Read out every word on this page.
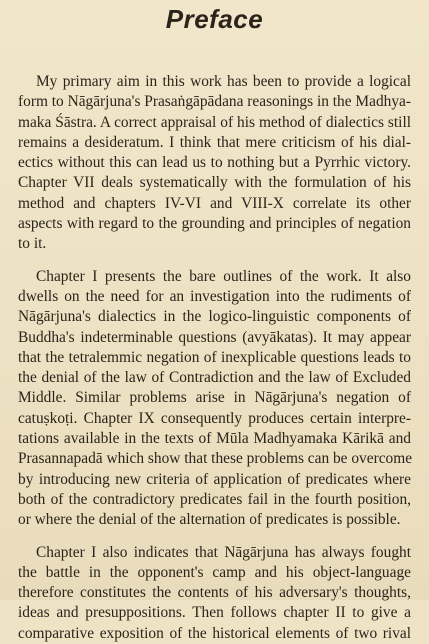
Preface
My primary aim in this work has been to provide a logical
form to Nāgārjuna's Prasaṅgāpādana reasonings in the Madhya-
maka Śāstra. A correct appraisal of his method of dialectics still
remains a desideratum. I think that mere criticism of his dial-
ectics without this can lead us to nothing but a Pyrrhic victory.
Chapter VII deals systematically with the formulation of his
method and chapters IV-VI and VIII-X correlate its other
aspects with regard to the grounding and principles of negation
to it.
Chapter I presents the bare outlines of the work. It also
dwells on the need for an investigation into the rudiments of
Nāgārjuna's dialectics in the logico-linguistic components of
Buddha's indeterminable questions (avyākatas). It may appear
that the tetralemmic negation of inexplicable questions leads to
the denial of the law of Contradiction and the law of Excluded
Middle. Similar problems arise in Nāgārjuna's negation of
catuṣkoṭi. Chapter IX consequently produces certain interpre-
tations available in the texts of Mūla Madhyamaka Kārikā and
Prasannapadā which show that these problems can be overcome
by introducing new criteria of application of predicates where
both of the contradictory predicates fail in the fourth position,
or where the denial of the alternation of predicates is possible.
Chapter I also indicates that Nāgārjuna has always fought
the battle in the opponent's camp and his object-language
therefore constitutes the contents of his adversary's thoughts,
ideas and presuppositions. Then follows chapter II to give a
comparative exposition of the historical elements of two rival
